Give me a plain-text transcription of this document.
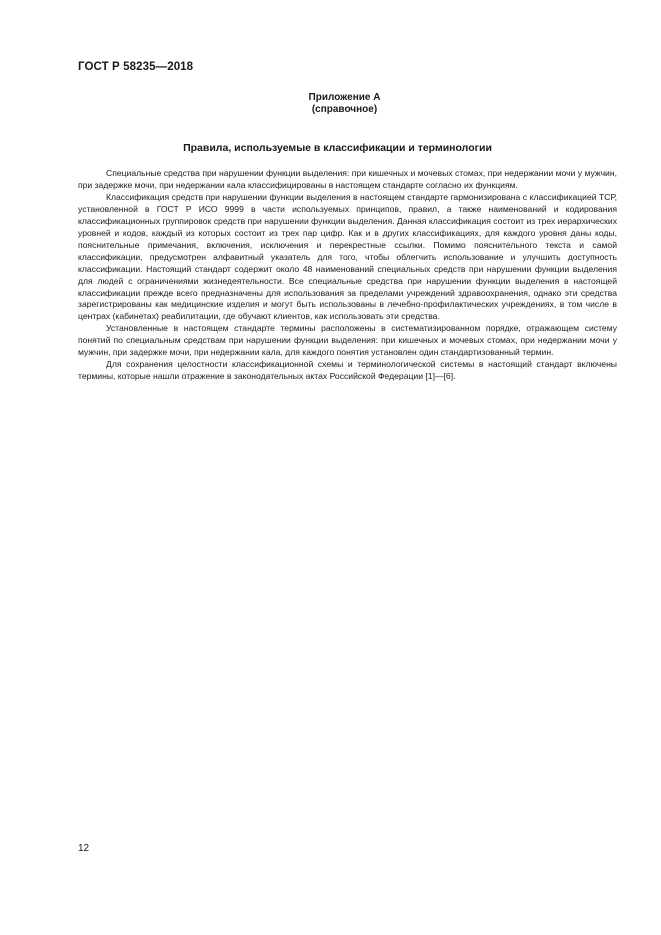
ГОСТ Р 58235—2018
Приложение А
(справочное)
Правила, используемые в классификации и терминологии

Специальные средства при нарушении функции выделения: при кишечных и мочевых стомах, при недержании мочи у мужчин, при задержке мочи, при недержании кала классифицированы в настоящем стандарте согласно их функциям.

Классификация средств при нарушении функции выделения в настоящем стандарте гармонизирована с классификацией ТСР, установленной в ГОСТ Р ИСО 9999 в части используемых принципов, правил, а также наименований и кодирования классификационных группировок средств при нарушении функции выделения. Данная классификация состоит из трех иерархических уровней и кодов, каждый из которых состоит из трех пар цифр. Как и в других классификациях, для каждого уровня даны коды, пояснительные примечания, включения, исключения и перекрестные ссылки. Помимо пояснительного текста и самой классификации, предусмотрен алфавитный указатель для того, чтобы облегчить использование и улучшить доступность классификации. Настоящий стандарт содержит около 48 наименований специальных средств при нарушении функции выделения для людей с ограничениями жизнедеятельности. Все специальные средства при нарушении функции выделения в настоящей классификации прежде всего предназначены для использования за пределами учреждений здравоохранения, однако эти средства зарегистрированы как медицинские изделия и могут быть использованы в лечебно-профилактических учреждениях, в том числе в центрах (кабинетах) реабилитации, где обучают клиентов, как использовать эти средства.

Установленные в настоящем стандарте термины расположены в систематизированном порядке, отражающем систему понятий по специальным средствам при нарушении функции выделения: при кишечных и мочевых стомах, при недержании мочи у мужчин, при задержке мочи, при недержании кала, для каждого понятия установлен один стандартизованный термин.

Для сохранения целостности классификационной схемы и терминологической системы в настоящий стандарт включены термины, которые нашли отражение в законодательных актах Российской Федерации [1]—[6].

12
